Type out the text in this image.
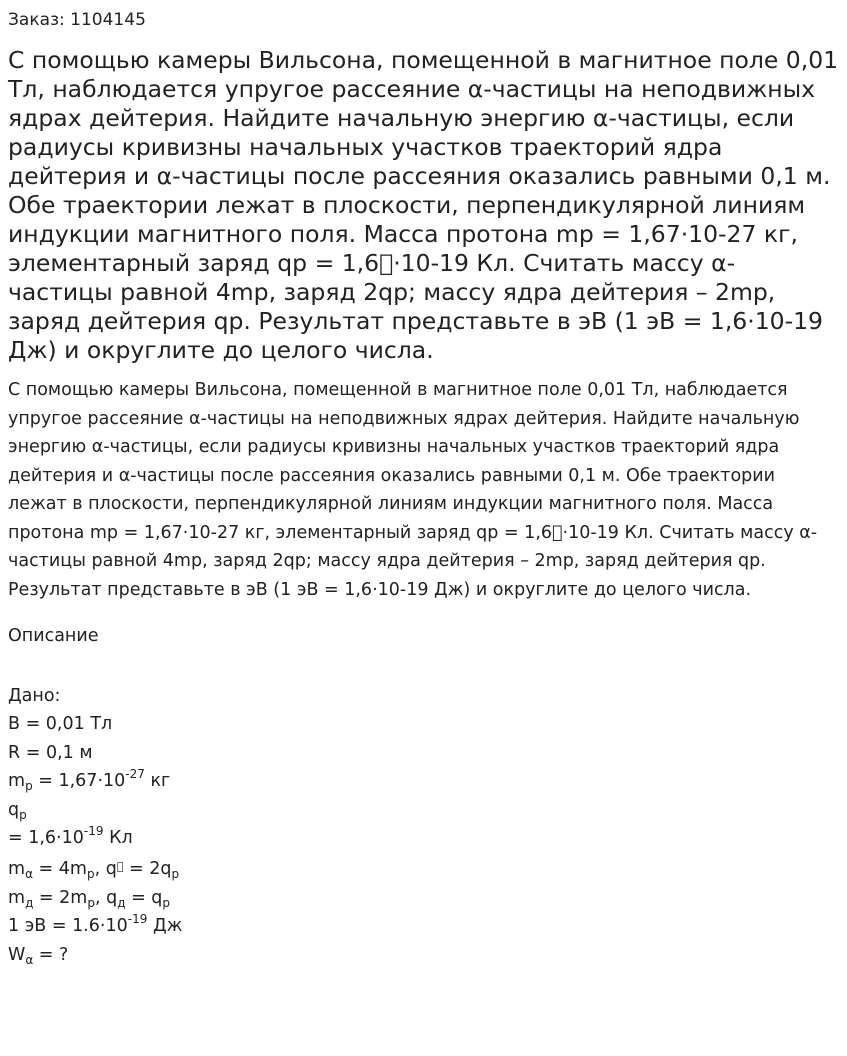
Заказ: 1104145
С помощью камеры Вильсона, помещенной в магнитное поле 0,01 Тл, наблюдается упругое рассеяние α-частицы на неподвижных ядрах дейтерия. Найдите начальную энергию α-частицы, если радиусы кривизны начальных участков траекторий ядра дейтерия и α-частицы после рассеяния оказались равными 0,1 м. Обе траектории лежат в плоскости, перпендикулярной линиям индукции магнитного поля. Масса протона mp = 1,67·10-27 кг, элементарный заряд qp = 1,6 ·10-19 Кл. Считать массу α-частицы равной 4mp, заряд 2qp; массу ядра дейтерия – 2mp, заряд дейтерия qp. Результат представьте в эВ (1 эВ = 1,6·10-19 Дж) и округлите до целого числа.
С помощью камеры Вильсона, помещенной в магнитное поле 0,01 Тл, наблюдается упругое рассеяние α-частицы на неподвижных ядрах дейтерия. Найдите начальную энергию α-частицы, если радиусы кривизны начальных участков траекторий ядра дейтерия и α-частицы после рассеяния оказались равными 0,1 м. Обе траектории лежат в плоскости, перпендикулярной линиям индукции магнитного поля. Масса протона mp = 1,67·10-27 кг, элементарный заряд qp = 1,6 ·10-19 Кл. Считать массу α-частицы равной 4mp, заряд 2qp; массу ядра дейтерия – 2mp, заряд дейтерия qp. Результат представьте в эВ (1 эВ = 1,6·10-19 Дж) и округлите до целого числа.
Описание
Дано:
B = 0,01 Тл
R = 0,1 м
$m_p = 1,67\cdot 10^{-27}$ кг
$q_p$
= $1,6\cdot 10^{-19}$ Кл
$m_\alpha = 4m_p$, $q^  = 2q_p$
$m_д = 2m_p$, $q_д = q_p$
1 эВ = $1.6\cdot 10^{-19}$ Дж
$W_\alpha$ = ?
